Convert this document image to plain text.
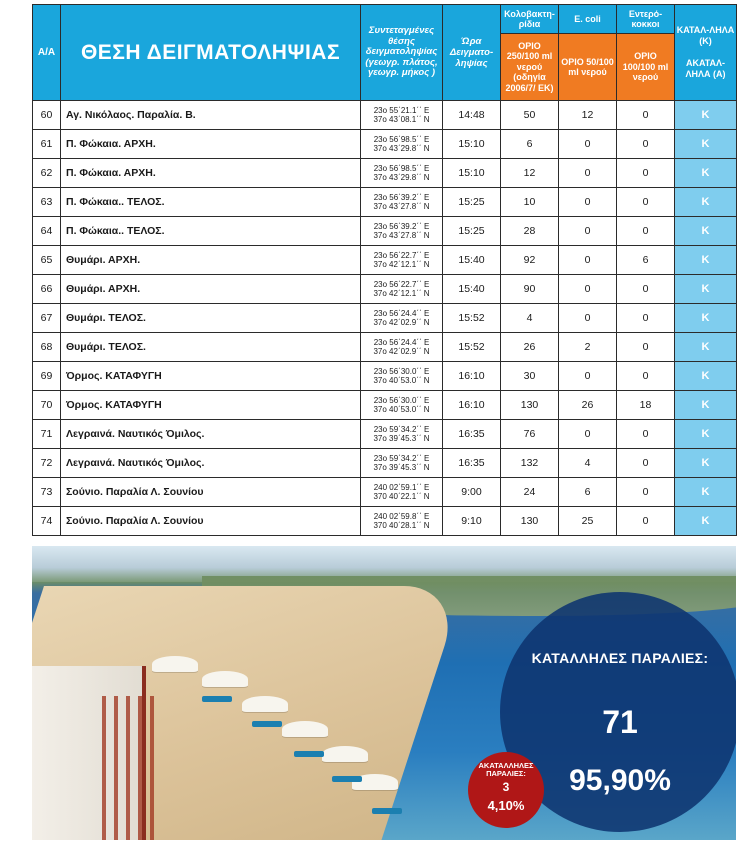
Α/Α	ΘΕΣΗ ΔΕΙΓΜΑΤΟΛΗΨΙΑΣ	Συντεταγμένες θέσης δειγματοληψίας (γεωγρ. πλάτος, γεωγρ. μήκος )	Ώρα Δειγματο-ληψίας	Κολοβακτη-ρίδια	E. coli	Εντερό-κοκκοι	ΚΑΤΑΛ-ΛΗΛΑ (Κ)

ΑΚΑΤΑΛ-ΛΗΛΑ (Α)
				ΟΡΙΟ 250/100 ml νερού (οδηγία 2006/7/ ΕΚ)	ΟΡΙΟ 50/100 ml νερού	ΟΡΙΟ 100/100 ml νερού	
60	Αγ. Νικόλαος. Παραλία. Β.	23ο 55΄21.1΄΄ Ε
37ο 43΄08.1΄΄ Ν	14:48	50	12	0	Κ
61	Π. Φώκαια. ΑΡΧΗ.	23ο 56΄98.5΄΄ Ε
37ο 43΄29.8΄΄ Ν	15:10	6	0	0	Κ
62	Π. Φώκαια. ΑΡΧΗ.	23ο 56΄98.5΄΄ Ε
37ο 43΄29.8΄΄ Ν	15:10	12	0	0	Κ
63	Π. Φώκαια.. ΤΕΛΟΣ.	23ο 56΄39.2΄΄ Ε
37ο 43΄27.8΄΄ Ν	15:25	10	0	0	Κ
64	Π. Φώκαια.. ΤΕΛΟΣ.	23ο 56΄39.2΄΄ Ε
37ο 43΄27.8΄΄ Ν	15:25	28	0	0	Κ
65	Θυμάρι. ΑΡΧΗ.	23ο 56΄22.7΄΄ Ε
37ο 42΄12.1΄΄ Ν	15:40	92	0	6	Κ
66	Θυμάρι. ΑΡΧΗ.	23ο 56΄22.7΄΄ Ε
37ο 42΄12.1΄΄ Ν	15:40	90	0	0	Κ
67	Θυμάρι. ΤΕΛΟΣ.	23ο 56΄24.4΄΄ Ε
37ο 42΄02.9΄΄ Ν	15:52	4	0	0	Κ
68	Θυμάρι. ΤΕΛΟΣ.	23ο 56΄24.4΄΄ Ε
37ο 42΄02.9΄΄ Ν	15:52	26	2	0	Κ
69	Όρμος. ΚΑΤΑΦΥΓΗ	23ο 56΄30.0΄΄ Ε
37ο 40΄53.0΄΄ Ν	16:10	30	0	0	Κ
70	Όρμος. ΚΑΤΑΦΥΓΗ	23ο 56΄30.0΄΄ Ε
37ο 40΄53.0΄΄ Ν	16:10	130	26	18	Κ
71	Λεγραινά. Ναυτικός Όμιλος.	23ο 59΄34.2΄΄ Ε
37ο 39΄45.3΄΄ Ν	16:35	76	0	0	Κ
72	Λεγραινά. Ναυτικός Όμιλος.	23ο 59΄34.2΄΄ Ε
37ο 39΄45.3΄΄ Ν	16:35	132	4	0	Κ
73	Σούνιο. Παραλία Λ. Σουνίου	240 02΄59.1΄΄ Ε
370 40΄22.1΄΄ Ν	9:00	24	6	0	Κ
74	Σούνιο. Παραλία Λ. Σουνίου	240 02΄59.8΄΄ Ε
370 40΄28.1΄΄ Ν	9:10	130	25	0	Κ
ΚΑΤΑΛΛΗΛΕΣ ΠΑΡΑΛΙΕΣ:
71
95,90%
ΑΚΑΤΑΛΛΗΛΕΣ ΠΑΡΑΛΙΕΣ:
3
4,10%
